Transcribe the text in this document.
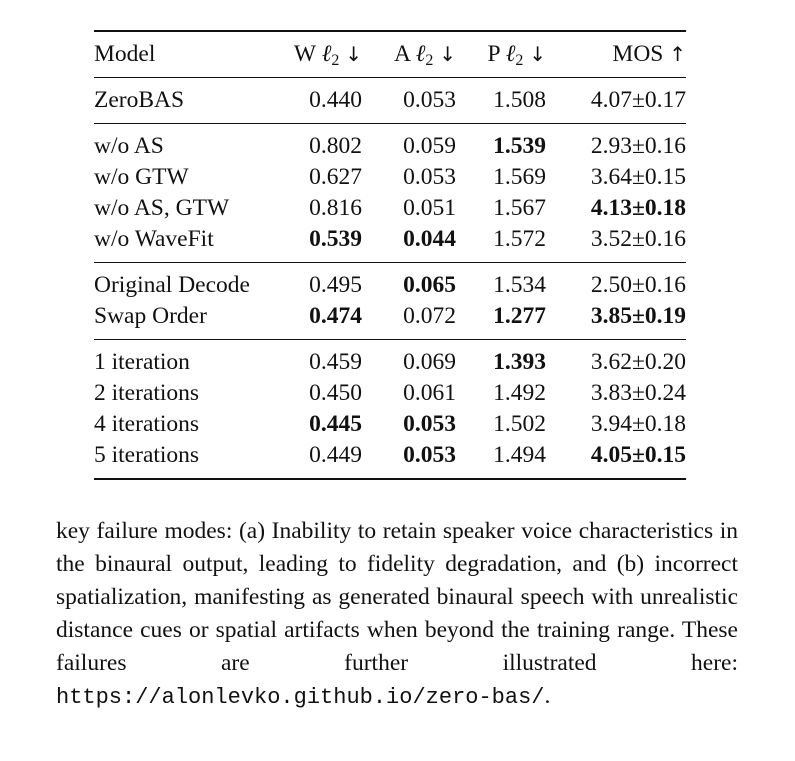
Model	W ℓ$_2$ ↓	A ℓ$_2$ ↓	P ℓ$_2$ ↓	MOS ↑
ZeroBAS	0.440	0.053	1.508	4.07±0.17
w/o AS	0.802	0.059	1.539	2.93±0.16
w/o GTW	0.627	0.053	1.569	3.64±0.15
w/o AS, GTW	0.816	0.051	1.567	4.13±0.18
w/o WaveFit	0.539	0.044	1.572	3.52±0.16
Original Decode	0.495	0.065	1.534	2.50±0.16
Swap Order	0.474	0.072	1.277	3.85±0.19
1 iteration	0.459	0.069	1.393	3.62±0.20
2 iterations	0.450	0.061	1.492	3.83±0.24
4 iterations	0.445	0.053	1.502	3.94±0.18
5 iterations	0.449	0.053	1.494	4.05±0.15

key failure modes: (a) Inability to retain speaker voice characteristics in the binaural output, leading to fidelity degradation, and (b) incorrect spatialization, manifesting as generated binaural speech with unrealistic distance cues or spatial artifacts when beyond the training range. These failures are further illustrated here: https://alonlevko.github.io/zero-bas/.
